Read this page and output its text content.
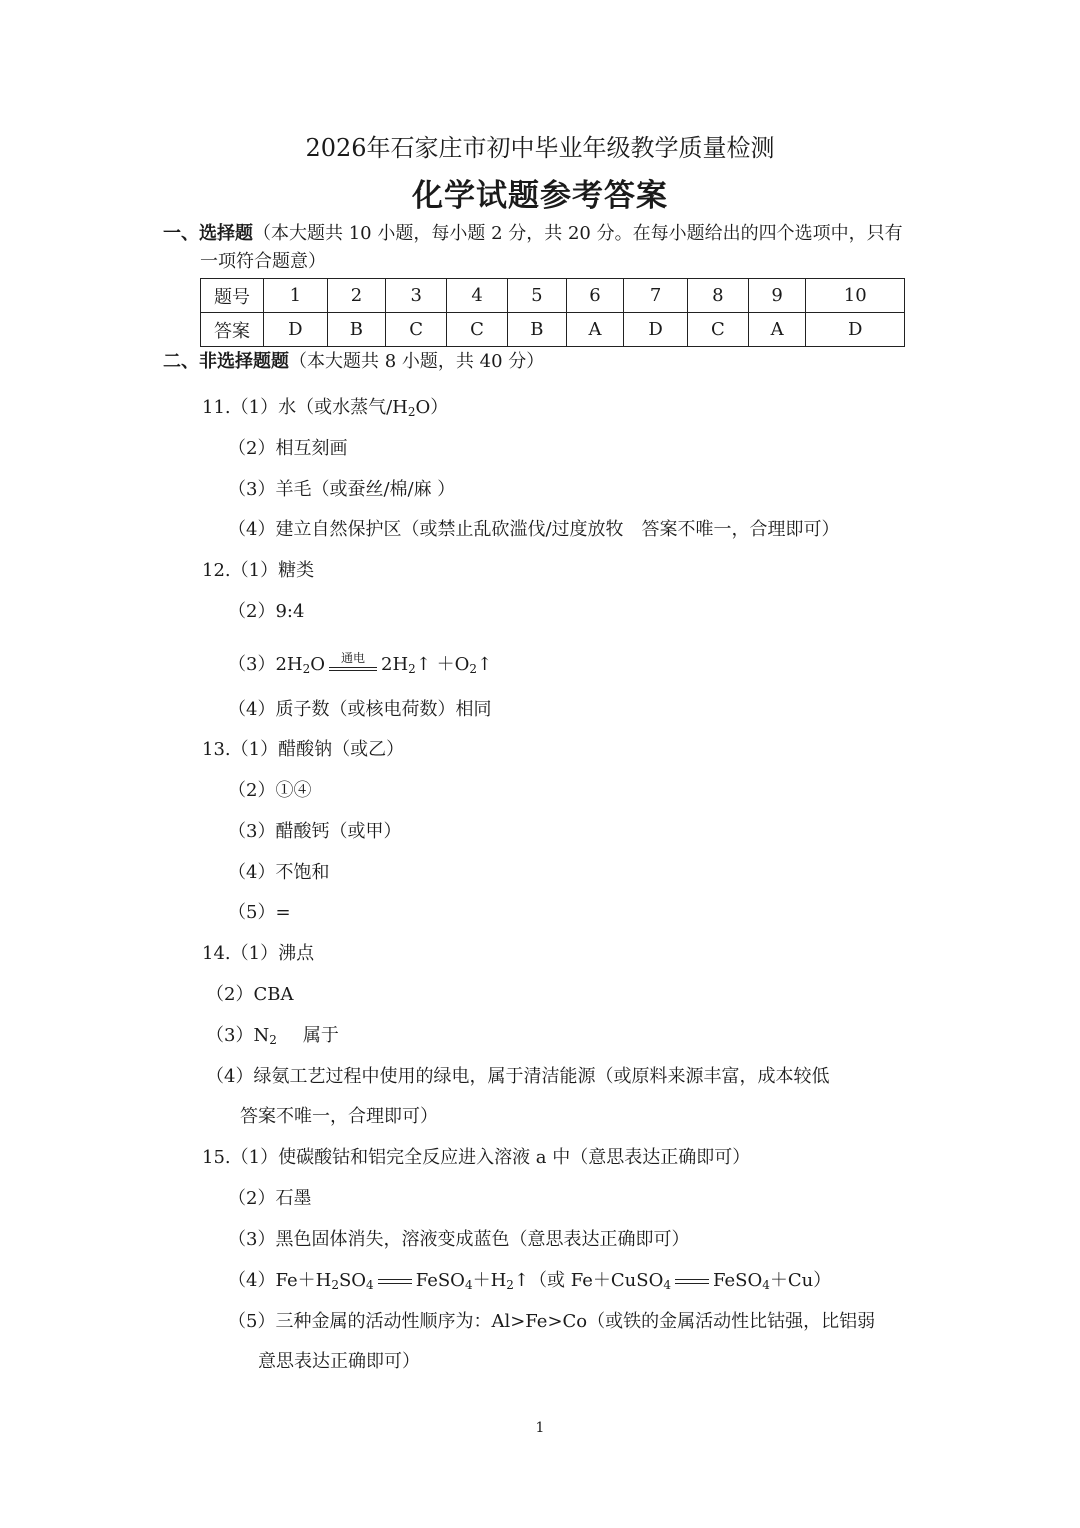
2026年石家庄市初中毕业年级教学质量检测
化学试题参考答案
一、选择题（本大题共 10 小题，每小题 2 分，共 20 分。在每小题给出的四个选项中，只有
一项符合题意）
题号	1	2	3	4	5	6	7	8	9	10
答案	D	B	C	C	B	A	D	C	A	D
二、非选择题题（本大题共 8 小题，共 40 分）
11.（1）水（或水蒸气$/H_2O$）
（2）相互刻画
（3）羊毛（或蚕丝/棉/麻 ）
（4）建立自然保护区（或禁止乱砍滥伐/过度放牧　答案不唯一，合理即可）
12.（1）糖类
（2）9:4
$(3)2H_2O$	通电 $2H_2↑$ $+O_2↑$
（4）质子数（或核电荷数）相同
13.（1）醋酸钠（或乙）
（2）①④
（3）醋酸钙（或甲）
（4）不饱和
（5）=
14.（1）沸点
（2）CBA
$(3)N_2$ 属于
（4）绿氨工艺过程中使用的绿电，属于清洁能源（或原料来源丰富，成本较低
答案不唯一，合理即可）
15.（1）使碳酸钴和铝完全反应进入溶液 a 中（意思表达正确即可）
（2）石墨
（3）黑色固体消失，溶液变成蓝色（意思表达正确即可）
$(4)Fe+H_2SO_4$ $FeSO_4+H_2↑$（或 Fe＋CuSO$_4$ FeSO$_4$＋Cu）
（5）三种金属的活动性顺序为：Al>Fe>Co（或铁的金属活动性比钴强，比铝弱
意思表达正确即可）
1
